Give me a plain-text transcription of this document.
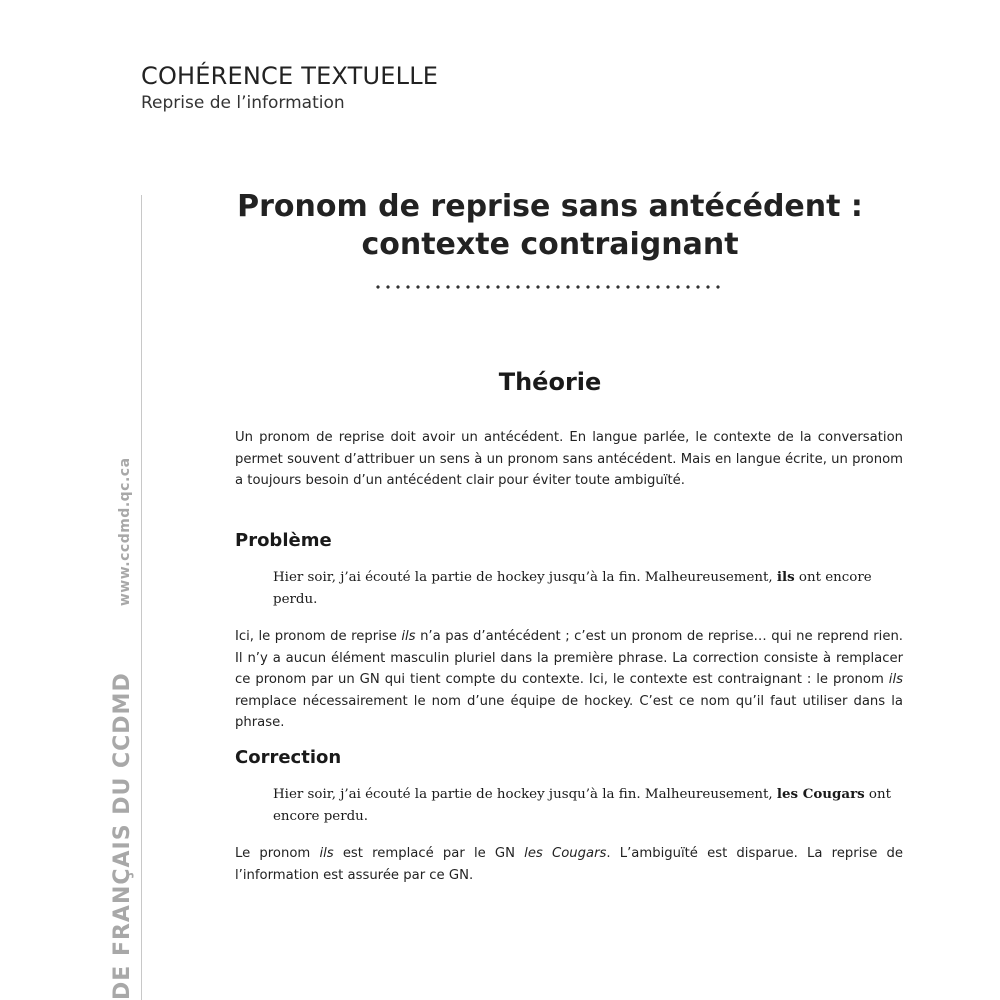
COHÉRENCE TEXTUELLE
Reprise de l’information
DE FRANÇAIS DU CCDMD  www.ccdmd.qc.ca
Pronom de reprise sans antécédent :
contexte contraignant
Théorie
Un pronom de reprise doit avoir un antécédent. En langue parlée, le contexte de la conversation permet souvent d’attribuer un sens à un pronom sans antécédent. Mais en langue écrite, un pronom a toujours besoin d’un antécédent clair pour éviter toute ambiguïté.
Problème
Hier soir, j’ai écouté la partie de hockey jusqu’à la fin. Malheureusement, ils ont encore perdu.
Ici, le pronom de reprise ils n’a pas d’antécédent ; c’est un pronom de reprise… qui ne reprend rien. Il n’y a aucun élément masculin pluriel dans la première phrase. La correction consiste à remplacer ce pronom par un GN qui tient compte du contexte. Ici, le contexte est contraignant : le pronom ils remplace nécessairement le nom d’une équipe de hockey. C’est ce nom qu’il faut utiliser dans la phrase.
Correction
Hier soir, j’ai écouté la partie de hockey jusqu’à la fin. Malheureusement, les Cougars ont encore perdu.
Le pronom ils est remplacé par le GN les Cougars. L’ambiguïté est disparue. La reprise de l’information est assurée par ce GN.
